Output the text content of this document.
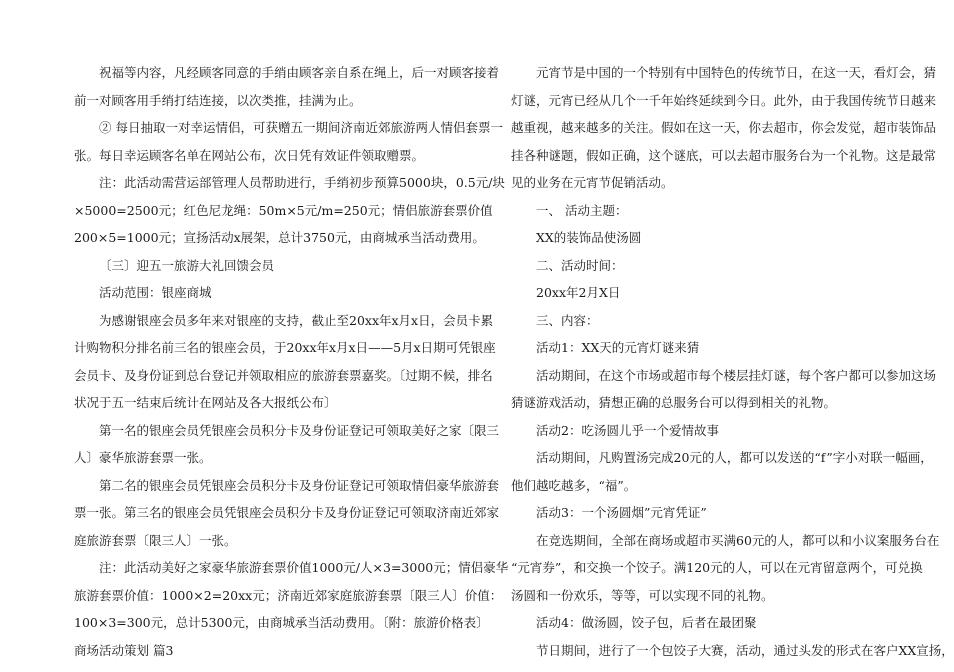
祝福等内容，凡经顾客同意的手绡由顾客亲自系在绳上，后一对顾客接着
前一对顾客用手绡打结连接，以次类推，挂满为止。
② 每日抽取一对幸运情侣，可获赠五一期间济南近郊旅游两人情侣套票一
张。每日幸运顾客名单在网站公布，次日凭有效证件领取赠票。
注：此活动需营运部管理人员帮助进行，手绡初步预算5000块，0.5元/块
×5000=2500元；红色尼龙绳：50m×5元/m=250元；情侣旅游套票价值
200×5=1000元；宣扬活动x展架，总计3750元，由商城承当活动费用。
〔三〕迎五一旅游大礼回馈会员
活动范围：银座商城
为感谢银座会员多年来对银座的支持，截止至20xx年x月x日，会员卡累
计购物积分排名前三名的银座会员，于20xx年x月x日——5月x日期可凭银座
会员卡、及身份证到总台登记并领取相应的旅游套票嘉奖。〔过期不候，排名
状况于五一结束后统计在网站及各大报纸公布〕
第一名的银座会员凭银座会员积分卡及身份证登记可领取美好之家〔限三
人〕豪华旅游套票一张。
第二名的银座会员凭银座会员积分卡及身份证登记可领取情侣豪华旅游套
票一张。第三名的银座会员凭银座会员积分卡及身份证登记可领取济南近郊家
庭旅游套票〔限三人〕一张。
注：此活动美好之家豪华旅游套票价值1000元/人×3=3000元；情侣豪华
旅游套票价值：1000×2=20xx元；济南近郊家庭旅游套票〔限三人〕价值：
100×3=300元，总计5300元，由商城承当活动费用。〔附：旅游价格表〕
商场活动策划 篇3
元宵节是中国的一个特别有中国特色的传统节日，在这一天，看灯会，猜
灯谜，元宵已经从几个一千年始终延续到今日。此外，由于我国传统节日越来
越重视，越来越多的关注。假如在这一天，你去超市，你会发觉，超市装饰品
挂各种谜题，假如正确，这个谜底，可以去超市服务台为一个礼物。这是最常
见的业务在元宵节促销活动。
一、 活动主题：
XX的装饰品使汤圆
二、活动时间：
20xx年2月X日
三、内容：
活动1：XX天的元宵灯谜来猜
活动期间，在这个市场或超市每个楼层挂灯谜，每个客户都可以参加这场
猜谜游戏活动，猜想正确的总服务台可以得到相关的礼物。
活动2：吃汤圆儿乎一个爱情故事
活动期间，凡购置汤完成20元的人，都可以发送的“f”字小对联一幅画，
他们越吃越多，“福”。
活动3：一个汤圆烟”元宵凭证”
在竞选期间，全部在商场或超市买满60元的人，都可以和小议案服务台在
“元宵券”，和交换一个饺子。满120元的人，可以在元宵留意两个，可兑换
汤圆和一份欢乐，等等，可以实现不同的礼物。
活动4：做汤圆，饺子包，后者在最团聚
节日期间，进行了一个包饺子大赛，活动，通过头发的形式在客户XX宣扬，
